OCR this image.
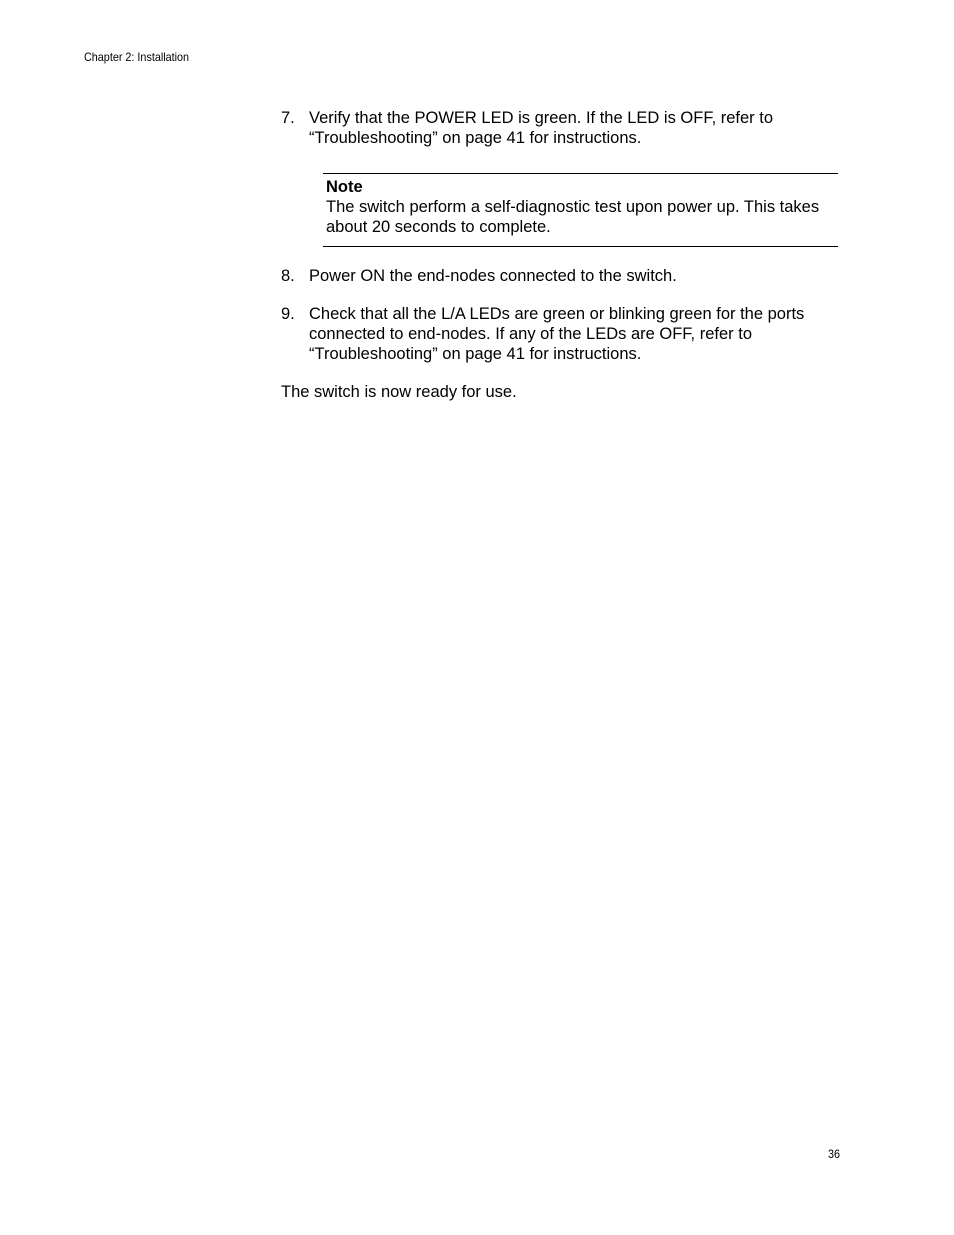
Chapter 2: Installation
7. Verify that the POWER LED is green. If the LED is OFF, refer to
“Troubleshooting” on page 41 for instructions.
Note
The switch perform a self-diagnostic test upon power up. This takes
about 20 seconds to complete.
8. Power ON the end-nodes connected to the switch.
9. Check that all the L/A LEDs are green or blinking green for the ports
connected to end-nodes. If any of the LEDs are OFF, refer to
“Troubleshooting” on page 41 for instructions.
The switch is now ready for use.
36
